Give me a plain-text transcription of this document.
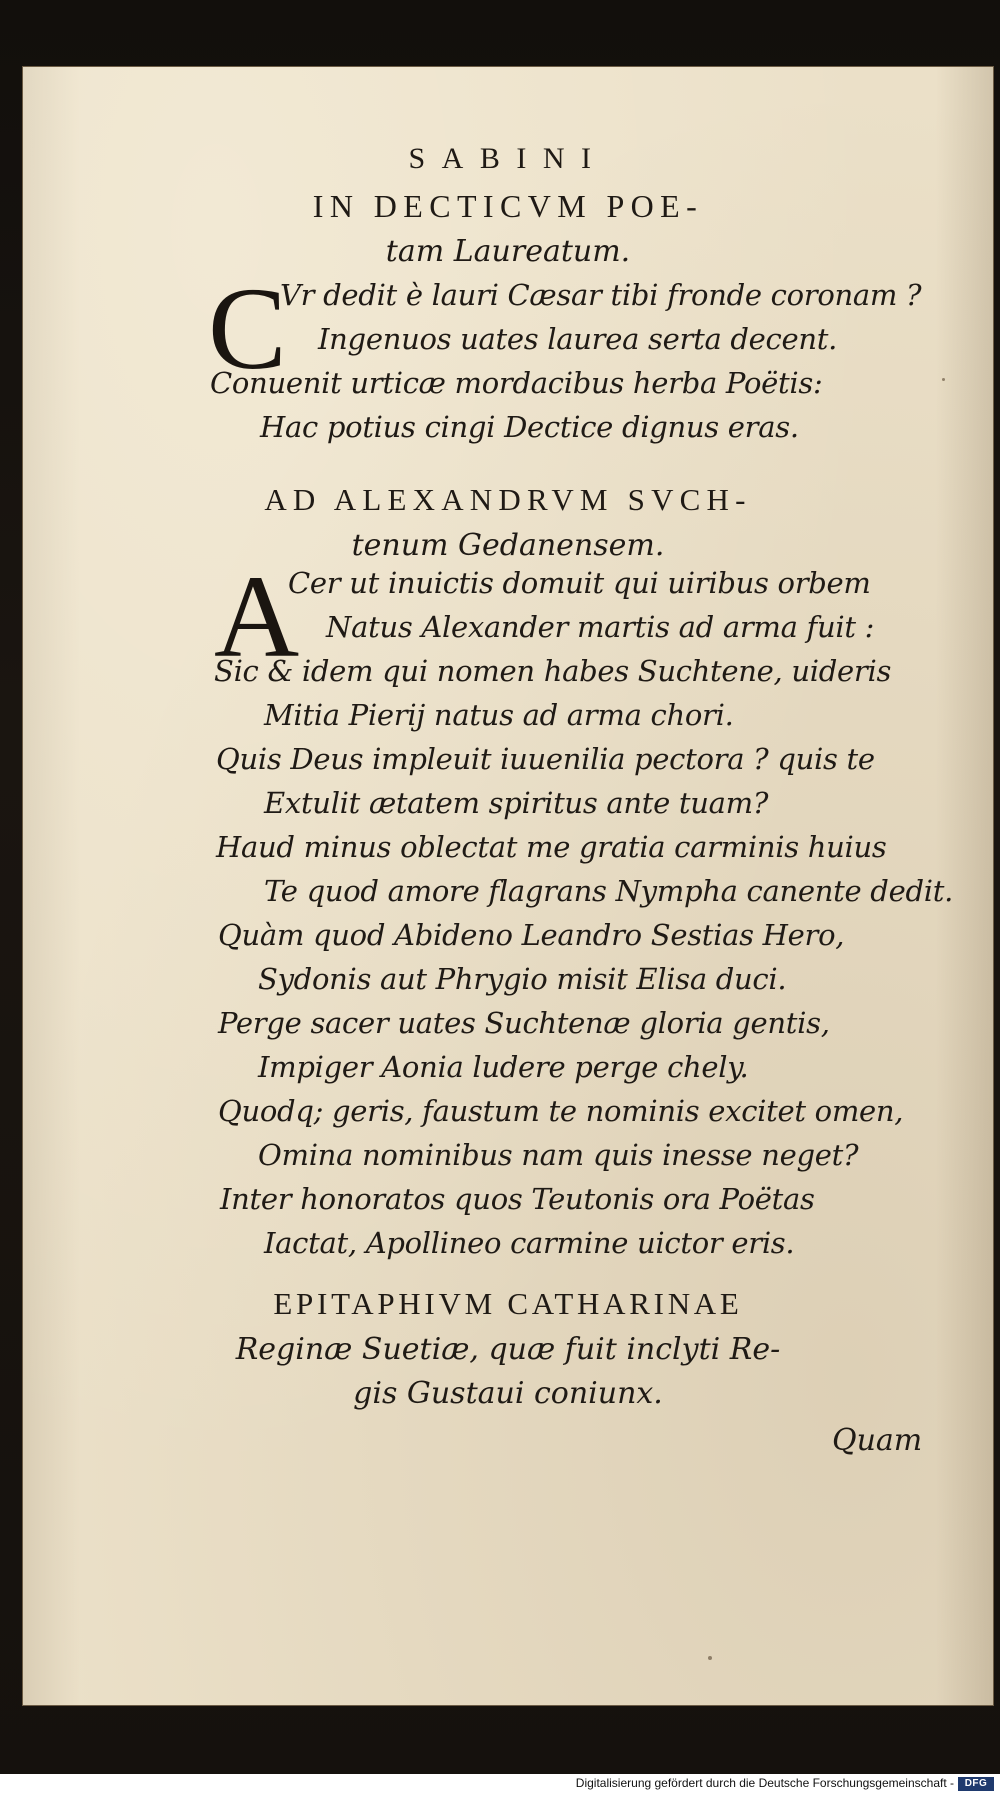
SABINI
IN DECTICVM POE-
tam Laureatum.
C
Vr dedit è lauri Cæsar tibi fronde coronam ?
Ingenuos uates laurea serta decent.
Conuenit urticæ mordacibus herba Poëtis:
Hac potius cingi Dectice dignus eras.
AD ALEXANDRVM SVCH-
tenum Gedanensem.
A
Cer ut inuictis domuit qui uiribus orbem
Natus Alexander martis ad arma fuit :
Sic & idem qui nomen habes Suchtene, uideris
Mitia Pierij natus ad arma chori.
Quis Deus impleuit iuuenilia pectora ? quis te
Extulit ætatem spiritus ante tuam?
Haud minus oblectat me gratia carminis huius
Te quod amore flagrans Nympha canente dedit.
Quàm quod Abideno Leandro Sestias Hero,
Sydonis aut Phrygio misit Elisa duci.
Perge sacer uates Suchtenæ gloria gentis,
Impiger Aonia ludere perge chely.
Quodq; geris, faustum te nominis excitet omen,
Omina nominibus nam quis inesse neget?
Inter honoratos quos Teutonis ora Poëtas
Iactat, Apollineo carmine uictor eris.
EPITAPHIVM CATHARINAE
Reginæ Suetiæ, quæ fuit inclyti Re-
gis Gustaui coniunx.
Quam
Digitalisierung gefördert durch die Deutsche Forschungsgemeinschaft -	DFG
